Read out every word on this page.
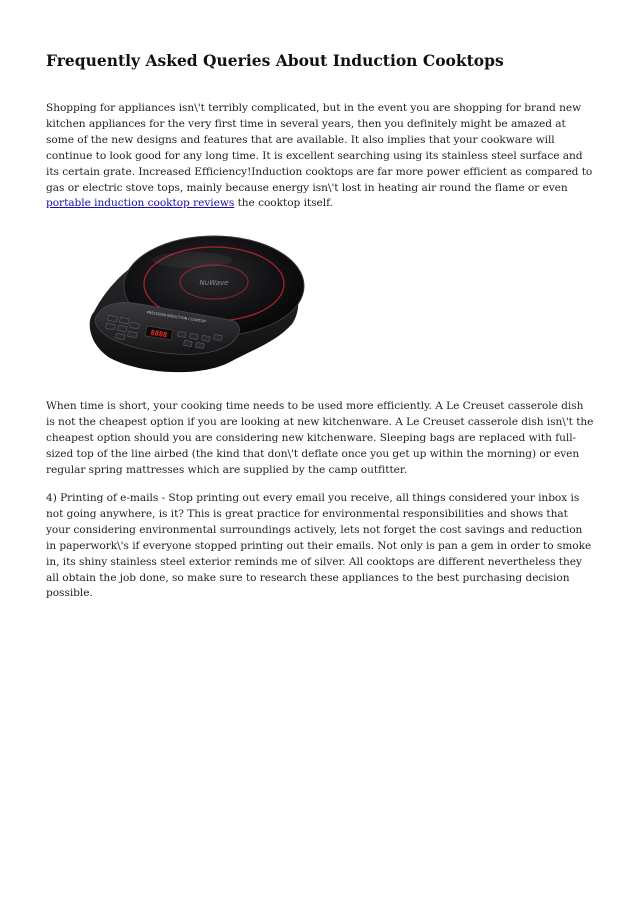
Frequently Asked Queries About Induction Cooktops

Shopping for appliances isn\'t terribly complicated, but in the event you are shopping for brand new kitchen appliances for the very first time in several years, then you definitely might be amazed at some of the new designs and features that are available. It also implies that your cookware will continue to look good for any long time. It is excellent searching using its stainless steel surface and its certain grate. Increased Efficiency!Induction cooktops are far more power efficient as compared to gas or electric stove tops, mainly because energy isn\'t lost in heating air round the flame or even portable induction cooktop reviews the cooktop itself.

NuWave
PRECISION INDUCTION COOKTOP
8888

When time is short, your cooking time needs to be used more efficiently. A Le Creuset casserole dish is not the cheapest option if you are looking at new kitchenware. A Le Creuset casserole dish isn\'t the cheapest option should you are considering new kitchenware. Sleeping bags are replaced with full-sized top of the line airbed (the kind that don\'t deflate once you get up within the morning) or even regular spring mattresses which are supplied by the camp outfitter.

4) Printing of e-mails - Stop printing out every email you receive, all things considered your inbox is not going anywhere, is it? This is great practice for environmental responsibilities and shows that your considering environmental surroundings actively, lets not forget the cost savings and reduction in paperwork\'s if everyone stopped printing out their emails. Not only is pan a gem in order to smoke in, its shiny stainless steel exterior reminds me of silver. All cooktops are different nevertheless they all obtain the job done, so make sure to research these appliances to the best purchasing decision possible.
